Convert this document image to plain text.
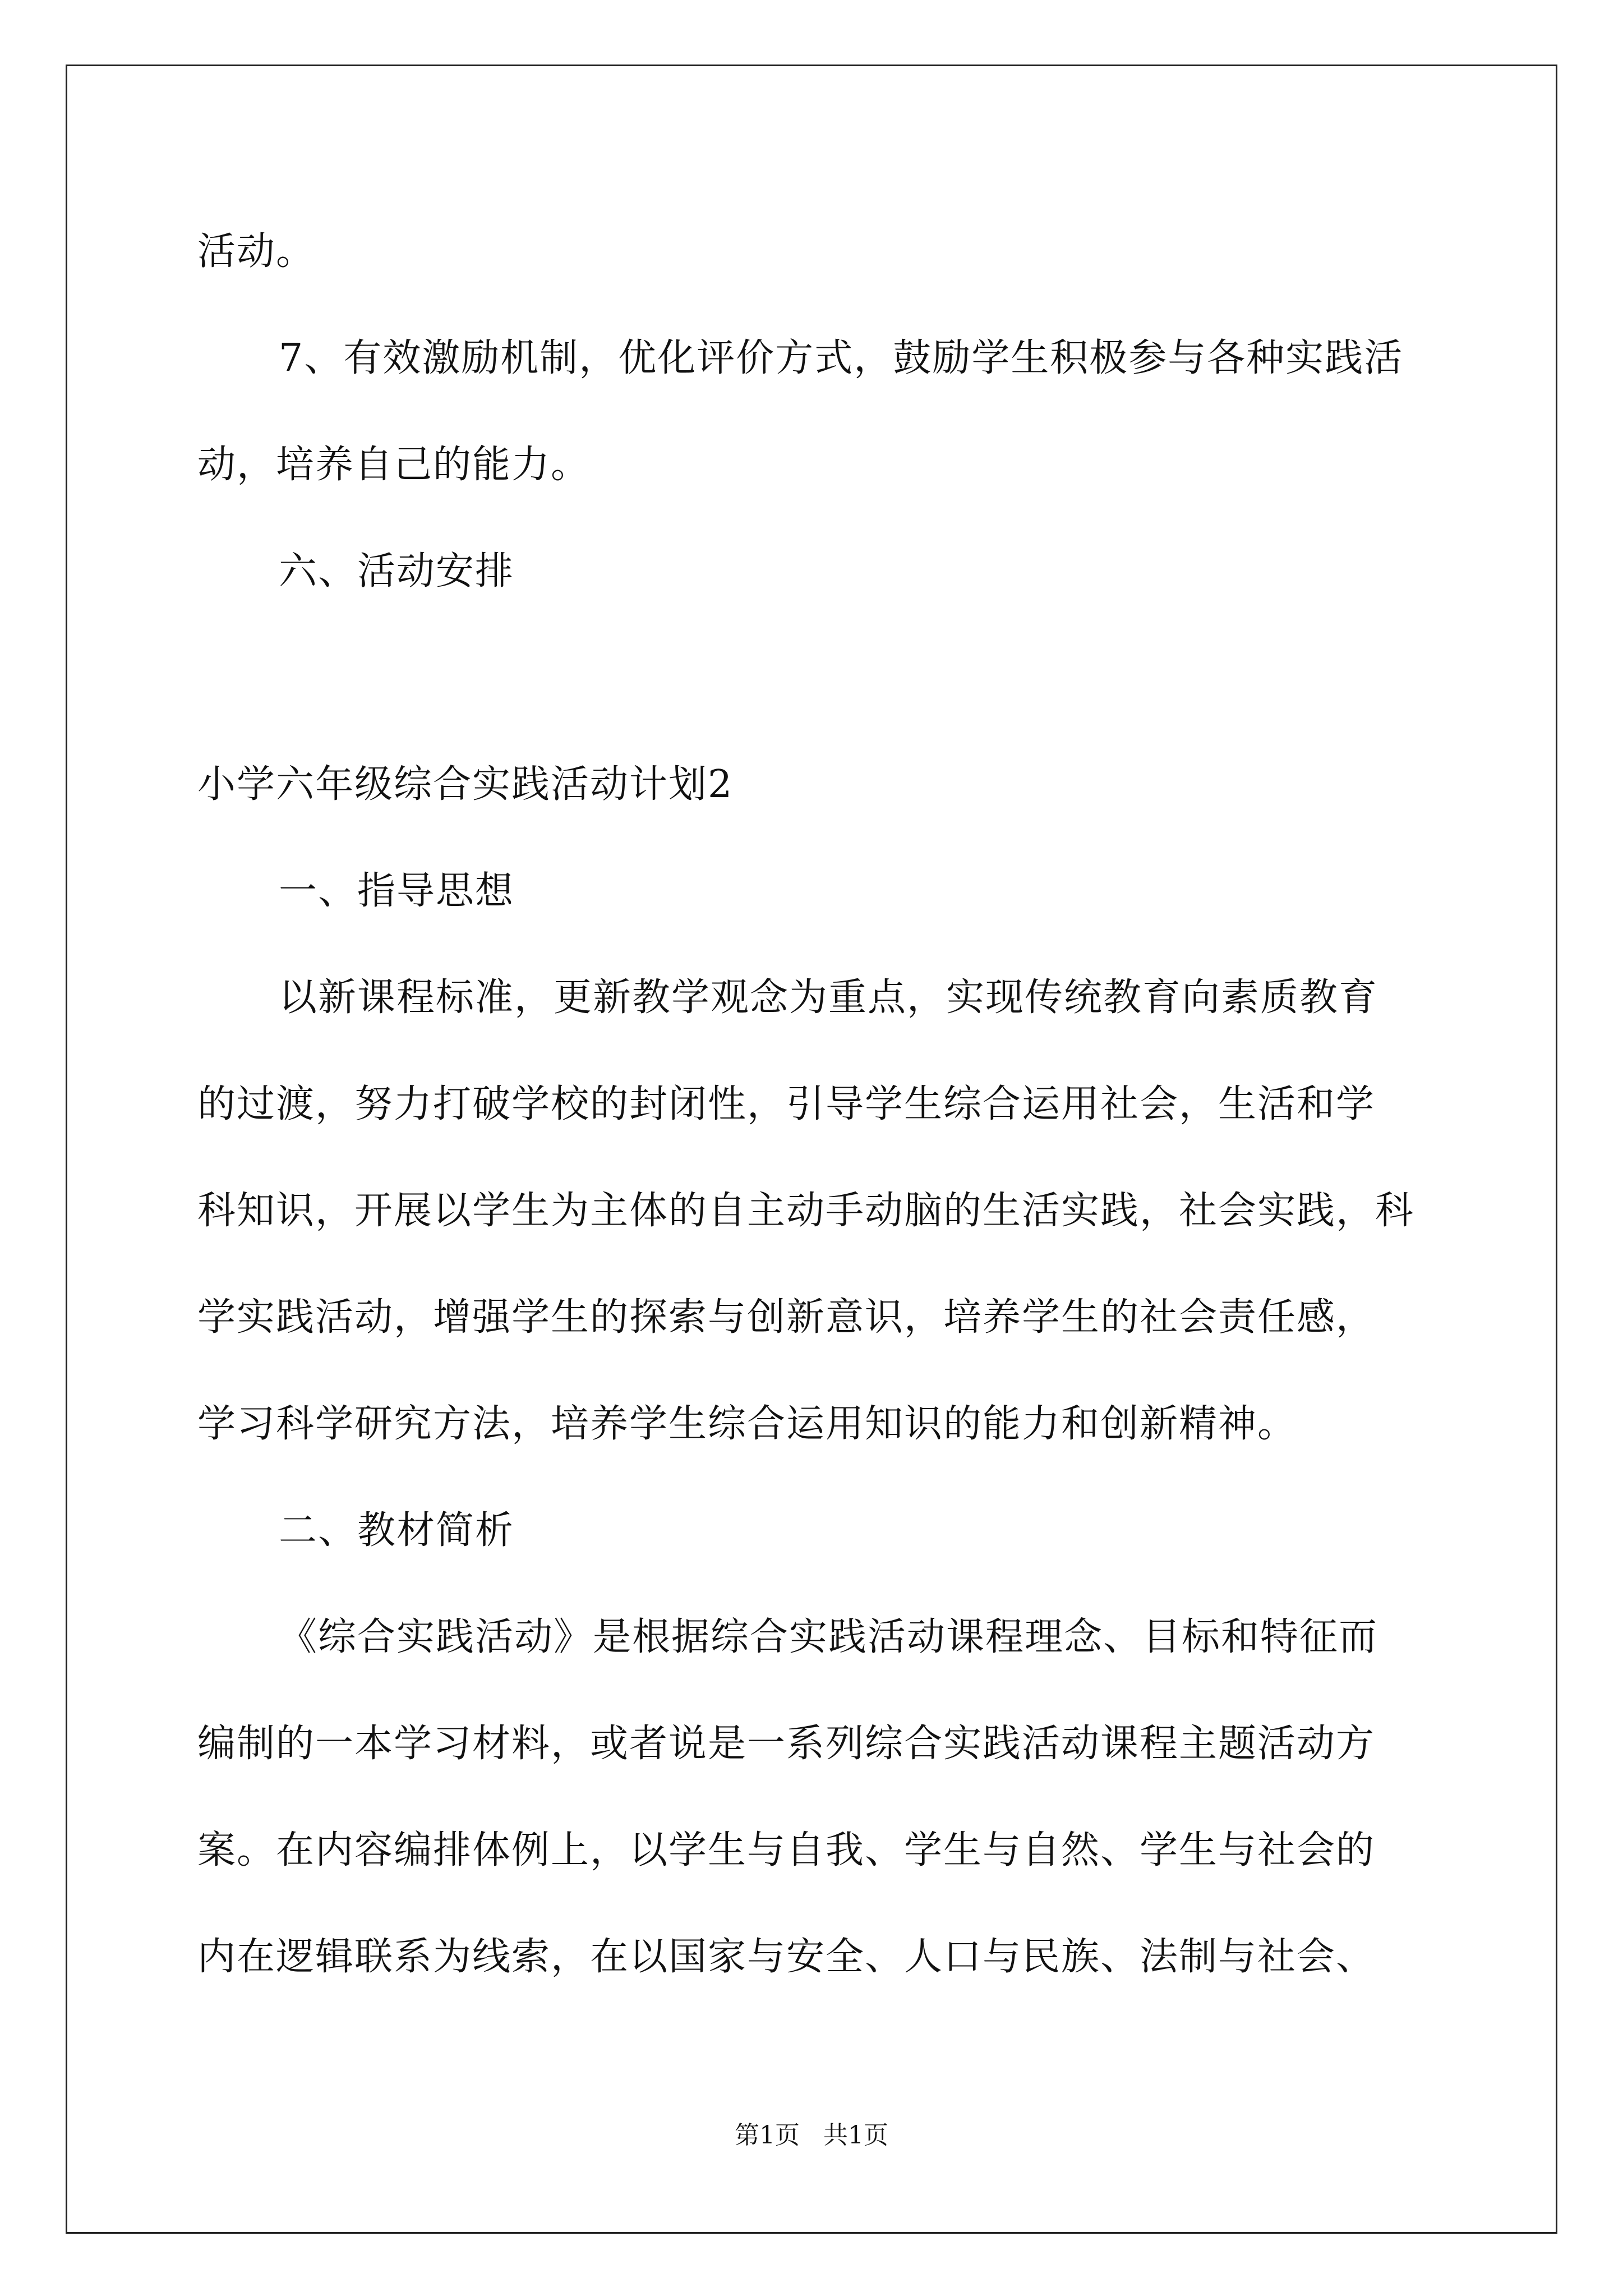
活动。
7、有效激励机制，优化评价方式，鼓励学生积极参与各种实践活
动，培养自己的能力。
六、活动安排
小学六年级综合实践活动计划2
一、指导思想
以新课程标准，更新教学观念为重点，实现传统教育向素质教育
的过渡，努力打破学校的封闭性，引导学生综合运用社会，生活和学
科知识，开展以学生为主体的自主动手动脑的生活实践，社会实践，科
学实践活动，增强学生的探索与创新意识，培养学生的社会责任感，
学习科学研究方法，培养学生综合运用知识的能力和创新精神。
二、教材简析
《综合实践活动》是根据综合实践活动课程理念、目标和特征而
编制的一本学习材料，或者说是一系列综合实践活动课程主题活动方
案。在内容编排体例上，以学生与自我、学生与自然、学生与社会的
内在逻辑联系为线索，在以国家与安全、人口与民族、法制与社会、
第1页   共1页
